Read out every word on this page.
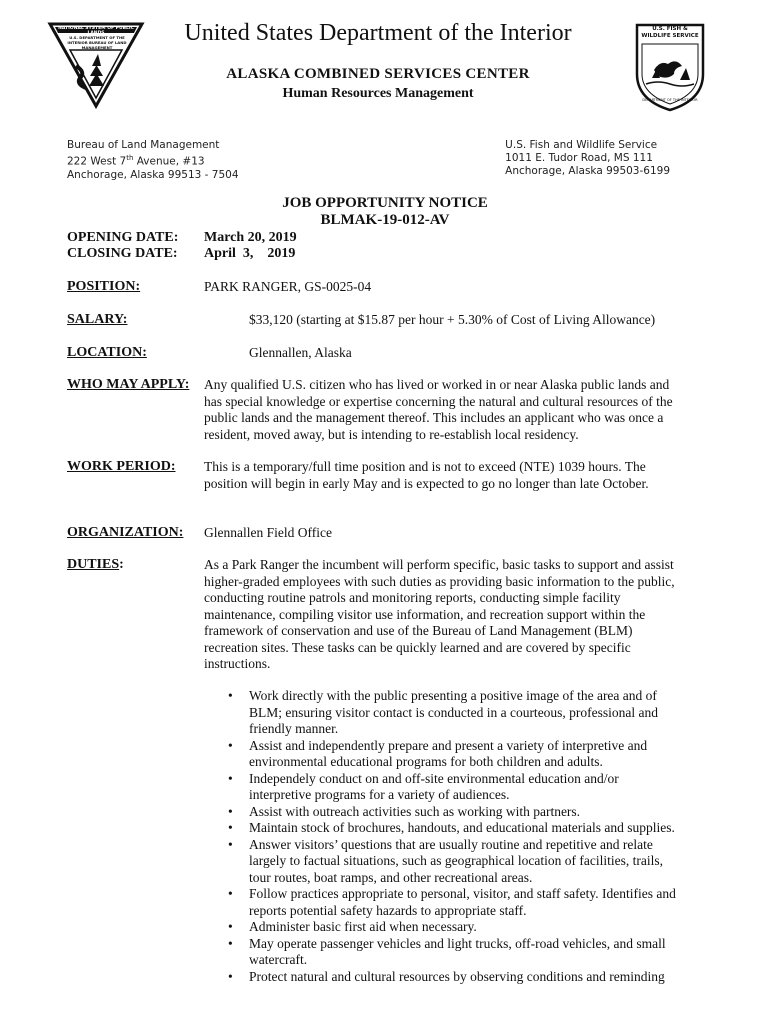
NATIONAL SYSTEM OF PUBLIC LANDS
U.S. DEPARTMENT OF THE INTERIOR BUREAU OF LAND MANAGEMENT
U.S. FISH & WILDLIFE SERVICE
DEPARTMENT OF THE INTERIOR
United States Department of the Interior
ALASKA COMBINED SERVICES CENTER
Human Resources Management
Bureau of Land Management
222 West 7th Avenue, #13
Anchorage, Alaska 99513 - 7504
U.S. Fish and Wildlife Service
1011 E. Tudor Road, MS 111
Anchorage, Alaska 99503-6199
JOB OPPORTUNITY NOTICE
BLMAK-19-012-AV
OPENING DATE: March 20, 2019
CLOSING DATE: April  3,    2019
POSITION:	PARK RANGER, GS-0025-04
SALARY:	$33,120 (starting at $15.87 per hour + 5.30% of Cost of Living Allowance)
LOCATION:	Glennallen, Alaska
WHO MAY APPLY: Any qualified U.S. citizen who has lived or worked in or near Alaska public lands and has special knowledge or expertise concerning the natural and cultural resources of the public lands and the management thereof. This includes an applicant who was once a resident, moved away, but is intending to re-establish local residency.
WORK PERIOD: This is a temporary/full time position and is not to exceed (NTE) 1039 hours. The position will begin in early May and is expected to go no longer than late October.
ORGANIZATION: Glennallen Field Office
DUTIES:	As a Park Ranger the incumbent will perform specific, basic tasks to support and assist higher-graded employees with such duties as providing basic information to the public, conducting routine patrols and monitoring reports, conducting simple facility maintenance, compiling visitor use information, and recreation support within the framework of conservation and use of the Bureau of Land Management (BLM) recreation sites. These tasks can be quickly learned and are covered by specific instructions.
• Work directly with the public presenting a positive image of the area and of BLM; ensuring visitor contact is conducted in a courteous, professional and friendly manner.
• Assist and independently prepare and present a variety of interpretive and environmental educational programs for both children and adults.
• Independely conduct on and off-site environmental education and/or interpretive programs for a variety of audiences.
• Assist with outreach activities such as working with partners.
• Maintain stock of brochures, handouts, and educational materials and supplies.
• Answer visitors’ questions that are usually routine and repetitive and relate largely to factual situations, such as geographical location of facilities, trails, tour routes, boat ramps, and other recreational areas.
• Follow practices appropriate to personal, visitor, and staff safety. Identifies and reports potential safety hazards to appropriate staff.
• Administer basic first aid when necessary.
• May operate passenger vehicles and light trucks, off-road vehicles, and small watercraft.
• Protect natural and cultural resources by observing conditions and reminding
